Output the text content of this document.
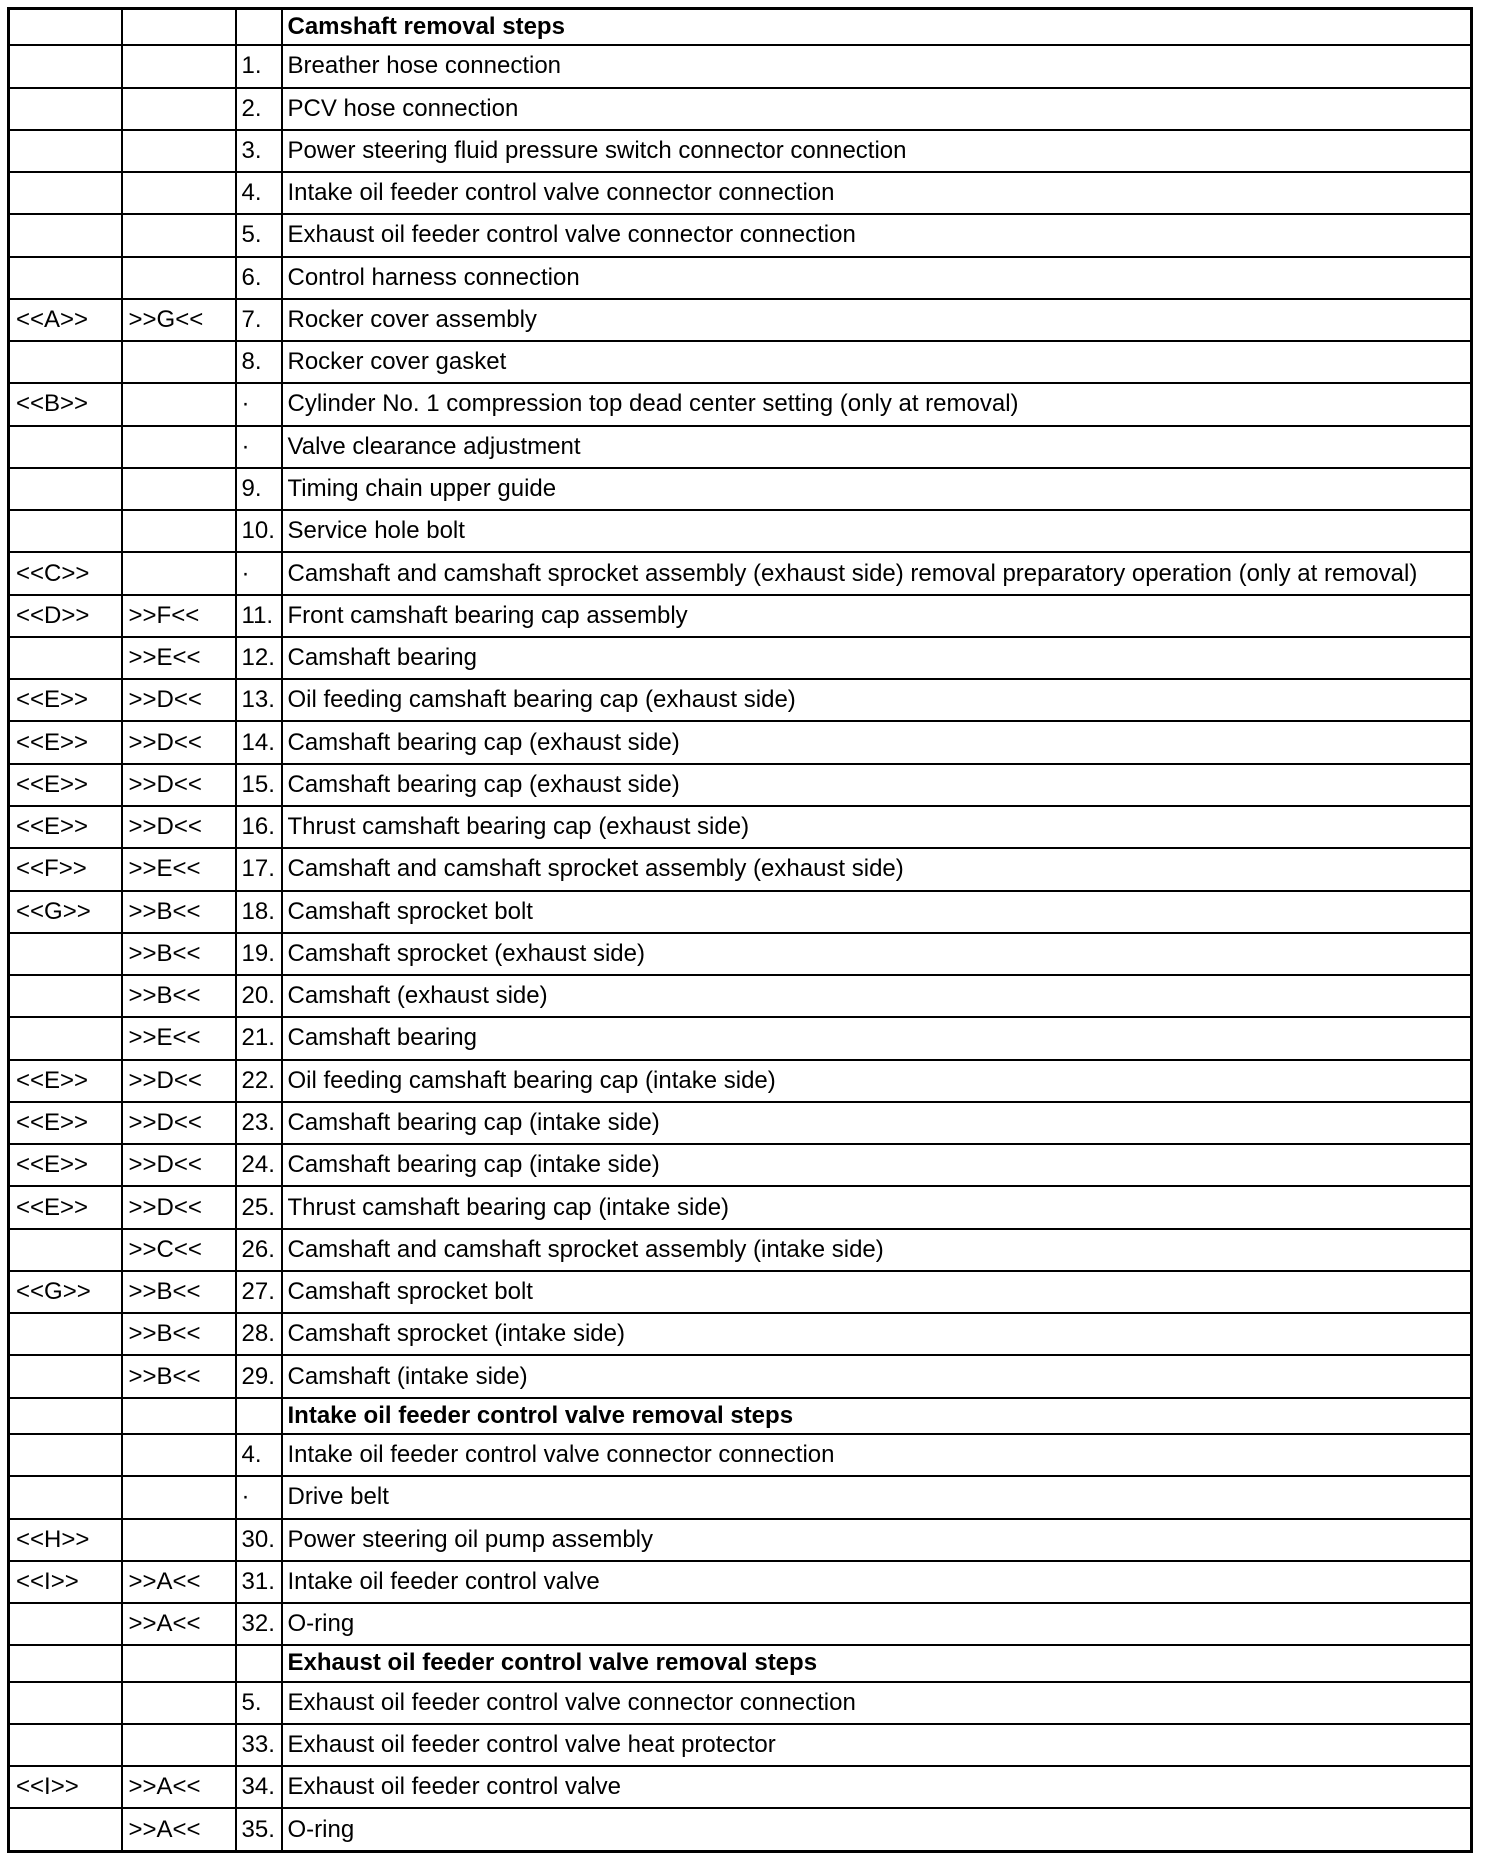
			Camshaft removal steps
		1.	Breather hose connection
		2.	PCV hose connection
		3.	Power steering fluid pressure switch connector connection
		4.	Intake oil feeder control valve connector connection
		5.	Exhaust oil feeder control valve connector connection
		6.	Control harness connection
<<A>>	>>G<<	7.	Rocker cover assembly
		8.	Rocker cover gasket
<<B>>		·	Cylinder No. 1 compression top dead center setting (only at removal)
		·	Valve clearance adjustment
		9.	Timing chain upper guide
		10.	Service hole bolt
<<C>>		·	Camshaft and camshaft sprocket assembly (exhaust side) removal preparatory operation (only at removal)
<<D>>	>>F<<	11.	Front camshaft bearing cap assembly
	>>E<<	12.	Camshaft bearing
<<E>>	>>D<<	13.	Oil feeding camshaft bearing cap (exhaust side)
<<E>>	>>D<<	14.	Camshaft bearing cap (exhaust side)
<<E>>	>>D<<	15.	Camshaft bearing cap (exhaust side)
<<E>>	>>D<<	16.	Thrust camshaft bearing cap (exhaust side)
<<F>>	>>E<<	17.	Camshaft and camshaft sprocket assembly (exhaust side)
<<G>>	>>B<<	18.	Camshaft sprocket bolt
	>>B<<	19.	Camshaft sprocket (exhaust side)
	>>B<<	20.	Camshaft (exhaust side)
	>>E<<	21.	Camshaft bearing
<<E>>	>>D<<	22.	Oil feeding camshaft bearing cap (intake side)
<<E>>	>>D<<	23.	Camshaft bearing cap (intake side)
<<E>>	>>D<<	24.	Camshaft bearing cap (intake side)
<<E>>	>>D<<	25.	Thrust camshaft bearing cap (intake side)
	>>C<<	26.	Camshaft and camshaft sprocket assembly (intake side)
<<G>>	>>B<<	27.	Camshaft sprocket bolt
	>>B<<	28.	Camshaft sprocket (intake side)
	>>B<<	29.	Camshaft (intake side)
			Intake oil feeder control valve removal steps
		4.	Intake oil feeder control valve connector connection
		·	Drive belt
<<H>>		30.	Power steering oil pump assembly
<<I>>	>>A<<	31.	Intake oil feeder control valve
	>>A<<	32.	O-ring
			Exhaust oil feeder control valve removal steps
		5.	Exhaust oil feeder control valve connector connection
		33.	Exhaust oil feeder control valve heat protector
<<I>>	>>A<<	34.	Exhaust oil feeder control valve
	>>A<<	35.	O-ring
